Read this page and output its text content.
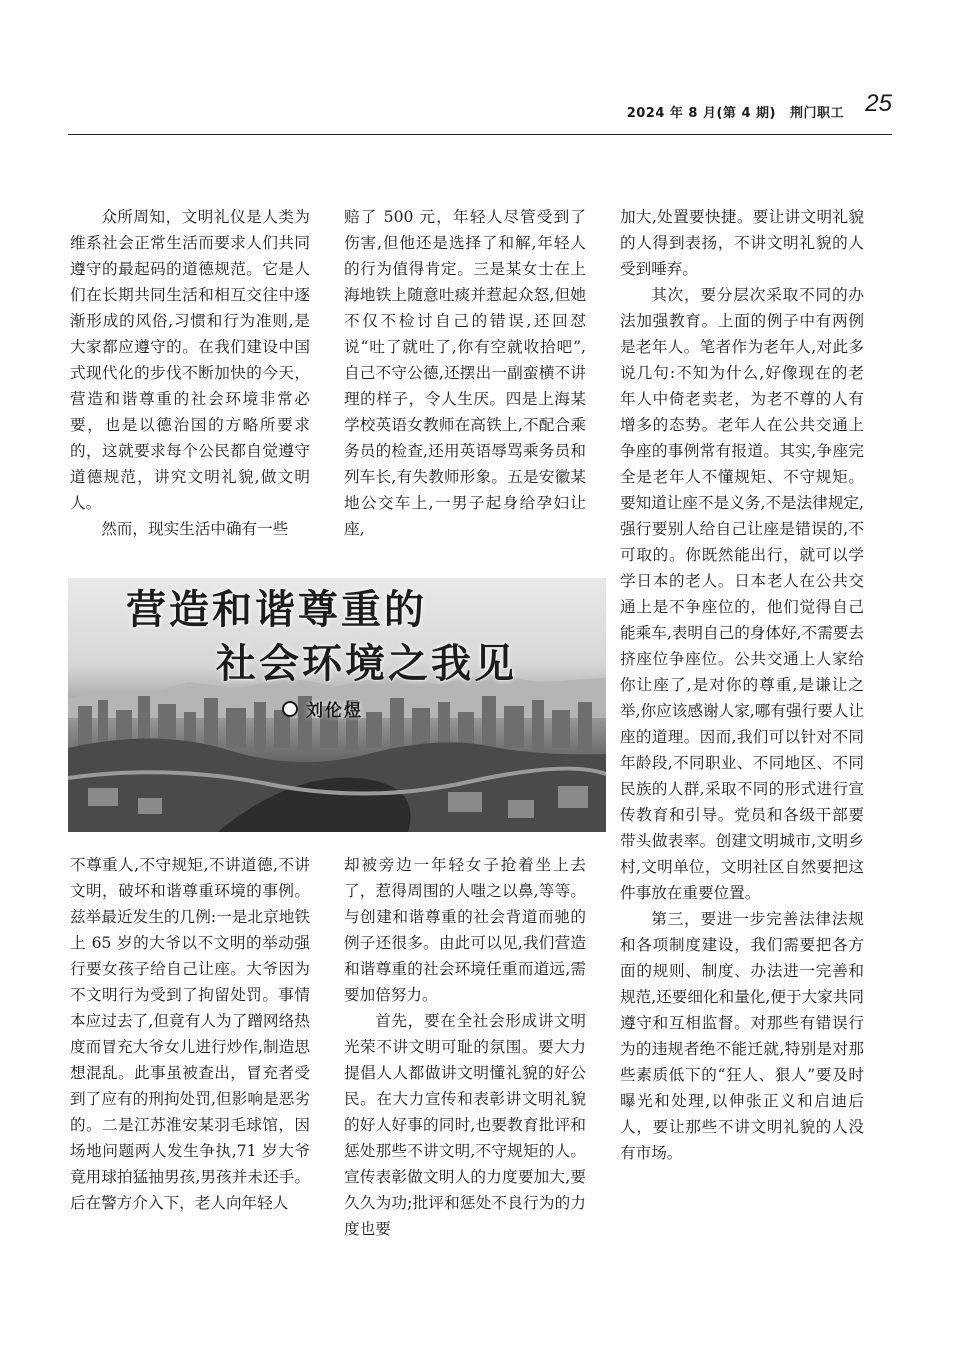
2024 年 8 月(第 4 期) 荆门职工 25

众所周知，文明礼仪是人类为维系社会正常生活而要求人们共同遵守的最起码的道德规范。它是人们在长期共同生活和相互交往中逐渐形成的风俗,习惯和行为准则,是大家都应遵守的。在我们建设中国式现代化的步伐不断加快的今天，营造和谐尊重的社会环境非常必要，也是以德治国的方略所要求的，这就要求每个公民都自觉遵守道德规范，讲究文明礼貌,做文明人。

然而，现实生活中确有一些

赔了 500 元，年轻人尽管受到了伤害,但他还是选择了和解,年轻人的行为值得肯定。三是某女士在上海地铁上随意吐痰并惹起众怒,但她不仅不检讨自己的错误,还回怼说“吐了就吐了,你有空就收拾吧”,自己不守公德,还摆出一副蛮横不讲理的样子，令人生厌。四是上海某学校英语女教师在高铁上,不配合乘务员的检查,还用英语辱骂乘务员和列车长,有失教师形象。五是安徽某地公交车上,一男子起身给孕妇让座,

加大,处置要快捷。要让讲文明礼貌的人得到表扬，不讲文明礼貌的人受到唾弃。

其次，要分层次采取不同的办法加强教育。上面的例子中有两例是老年人。笔者作为老年人,对此多说几句:不知为什么,好像现在的老年人中倚老卖老，为老不尊的人有增多的态势。老年人在公共交通上争座的事例常有报道。其实,争座完全是老年人不懂规矩、不守规矩。要知道让座不是义务,不是法律规定,强行要别人给自己让座是错误的,不可取的。你既然能出行，就可以学学日本的老人。日本老人在公共交通上是不争座位的，他们觉得自己能乘车,表明自己的身体好,不需要去挤座位争座位。公共交通上人家给你让座了,是对你的尊重,是谦让之举,你应该感谢人家,哪有强行要人让座的道理。因而,我们可以针对不同年龄段,不同职业、不同地区、不同民族的人群,采取不同的形式进行宣传教育和引导。党员和各级干部要带头做表率。创建文明城市,文明乡村,文明单位，文明社区自然要把这件事放在重要位置。

第三，要进一步完善法律法规和各项制度建设，我们需要把各方面的规则、制度、办法进一完善和规范,还要细化和量化,便于大家共同遵守和互相监督。对那些有错误行为的违规者绝不能迁就,特别是对那些素质低下的“狂人、狠人”要及时曝光和处理,以伸张正义和启迪后人，要让那些不讲文明礼貌的人没有市场。

营造和谐尊重的
社会环境之我见
刘伦煜

不尊重人,不守规矩,不讲道德,不讲文明，破坏和谐尊重环境的事例。兹举最近发生的几例:一是北京地铁上 65 岁的大爷以不文明的举动强行要女孩子给自己让座。大爷因为不文明行为受到了拘留处罚。事情本应过去了,但竟有人为了蹭网络热度而冒充大爷女儿进行炒作,制造思想混乱。此事虽被查出，冒充者受到了应有的刑拘处罚,但影响是恶劣的。二是江苏淮安某羽毛球馆，因场地问题两人发生争执,71 岁大爷竟用球拍猛抽男孩,男孩并未还手。后在警方介入下，老人向年轻人

却被旁边一年轻女子抢着坐上去了，惹得周围的人嗤之以鼻,等等。与创建和谐尊重的社会背道而驰的例子还很多。由此可以见,我们营造和谐尊重的社会环境任重而道远,需要加倍努力。

首先，要在全社会形成讲文明光荣不讲文明可耻的氛围。要大力提倡人人都做讲文明懂礼貌的好公民。在大力宣传和表彰讲文明礼貌的好人好事的同时,也要教育批评和惩处那些不讲文明,不守规矩的人。宣传表彰做文明人的力度要加大,要久久为功;批评和惩处不良行为的力度也要
